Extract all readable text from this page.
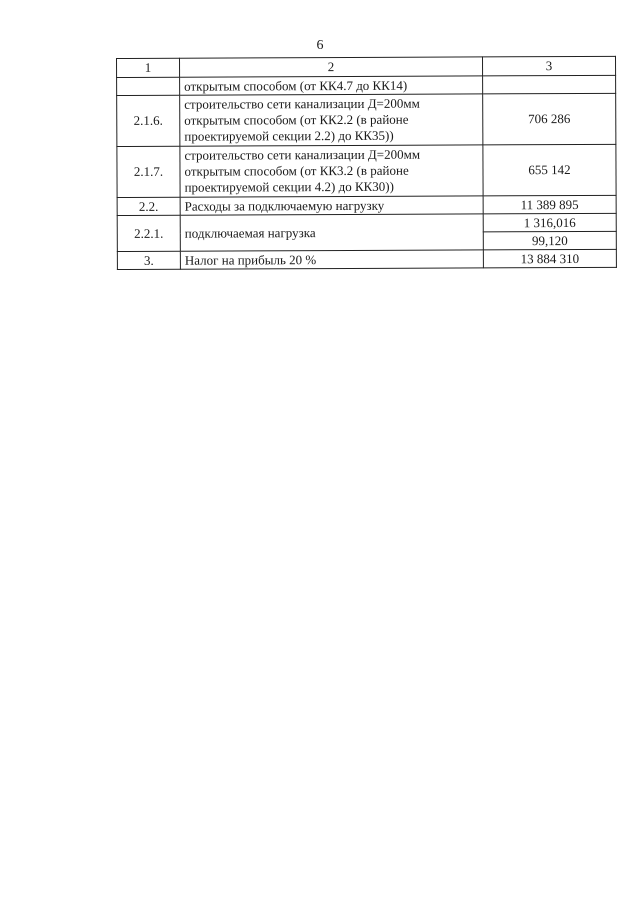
6
1	2	3
	открытым способом (от КК4.7 до КК14)	
2.1.6.	строительство сети канализации Д=200мм открытым способом (от КК2.2 (в районе проектируемой секции 2.2) до КК35))	706 286
2.1.7.	строительство сети канализации Д=200мм открытым способом (от КК3.2 (в районе проектируемой секции 4.2) до КК30))	655 142
2.2.	Расходы за подключаемую нагрузку	11 389 895
2.2.1.	подключаемая нагрузка	1 316,016
		99,120
3.	Налог на прибыль 20 %	13 884 310
